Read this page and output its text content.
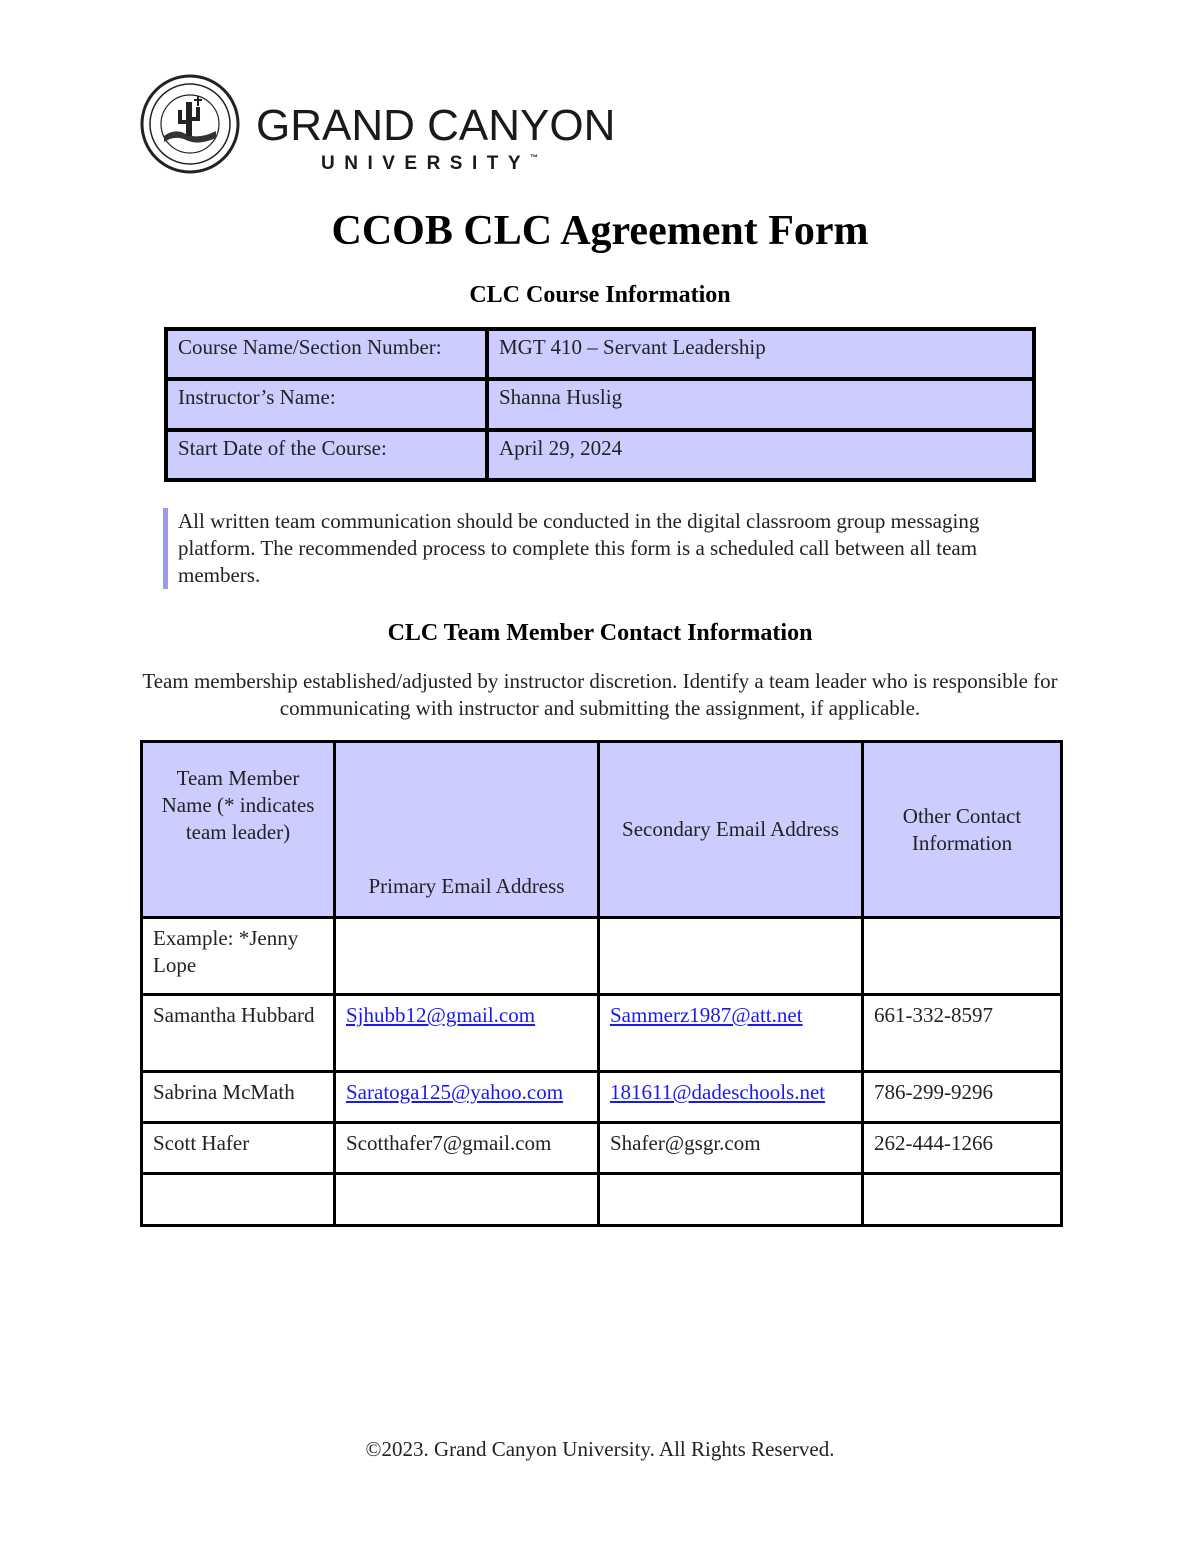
GRAND CANYON
UNIVERSITY™
CCOB CLC Agreement Form
CLC Course Information
Course Name/Section Number:	MGT 410 – Servant Leadership
Instructor’s Name:	Shanna Huslig
Start Date of the Course:	April 29, 2024
All written team communication should be conducted in the digital classroom group messaging platform. The recommended process to complete this form is a scheduled call between all team members.
CLC Team Member Contact Information

Team membership established/adjusted by instructor discretion. Identify a team leader who is responsible for communicating with instructor and submitting the assignment, if applicable.

Team Member Name (* indicates team leader)	Primary Email Address	Secondary Email Address	Other Contact Information
Example: *Jenny Lope			
Samantha Hubbard	Sjhubb12@gmail.com	Sammerz1987@att.net	661-332-8597
Sabrina McMath	Saratoga125@yahoo.com	181611@dadeschools.net	786-299-9296
Scott Hafer	Scotthafer7@gmail.com	Shafer@gsgr.com	262-444-1266

©2023. Grand Canyon University. All Rights Reserved.
